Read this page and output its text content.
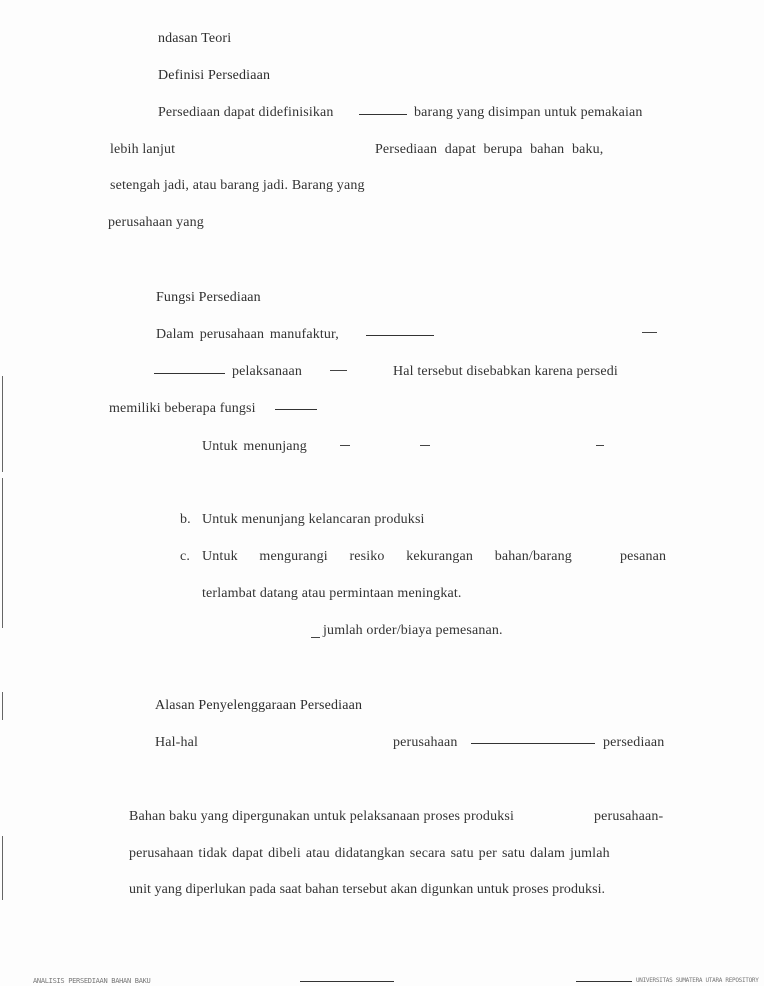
ndasan Teori
Definisi Persediaan
Persediaan dapat didefinisikan	barang yang disimpan untuk pemakaian
lebih lanjut	Persediaan dapat berupa bahan baku,
setengah jadi, atau barang jadi. Barang yang
perusahaan yang
Fungsi Persediaan
Dalam perusahaan manufaktur,
pelaksanaan	Hal tersebut disebabkan karena persedi
memiliki beberapa fungsi
Untuk menunjang
b. Untuk menunjang kelancaran produksi
c. Untuk mengurangi resiko kekurangan bahan/barang	pesanan
terlambat datang atau permintaan meningkat.
jumlah order/biaya pemesanan.
Alasan Penyelenggaraan Persediaan
Hal-hal	perusahaan	persediaan
Bahan baku yang dipergunakan untuk pelaksanaan proses produksi	perusahaan-
perusahaan tidak dapat dibeli atau didatangkan secara satu per satu dalam jumlah
unit yang diperlukan pada saat bahan tersebut akan digunkan untuk proses produksi.
ANALISIS PERSEDIAAN BAHAN BAKU	UNIVERSITAS SUMATERA UTARA REPOSITORY
